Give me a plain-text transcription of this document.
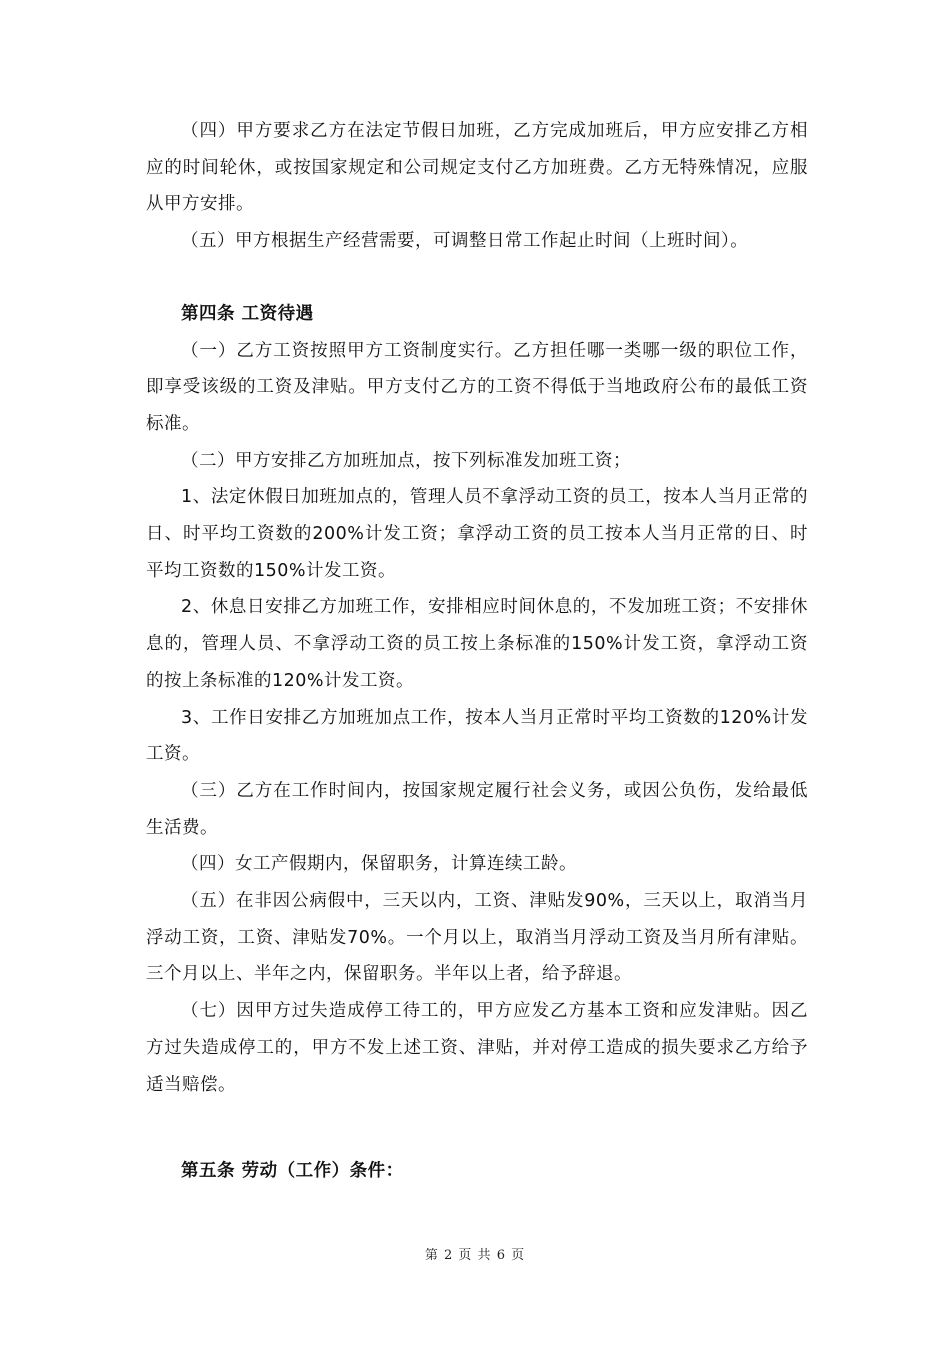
（四）甲方要求乙方在法定节假日加班，乙方完成加班后，甲方应安排乙方相应的时间轮休，或按国家规定和公司规定支付乙方加班费。乙方无特殊情况，应服从甲方安排。

（五）甲方根据生产经营需要，可调整日常工作起止时间（上班时间）。

第四条 工资待遇

（一）乙方工资按照甲方工资制度实行。乙方担任哪一类哪一级的职位工作，即享受该级的工资及津贴。甲方支付乙方的工资不得低于当地政府公布的最低工资标准。

（二）甲方安排乙方加班加点，按下列标准发加班工资；

1、法定休假日加班加点的，管理人员不拿浮动工资的员工，按本人当月正常的日、时平均工资数的200%计发工资；拿浮动工资的员工按本人当月正常的日、时平均工资数的150%计发工资。

2、休息日安排乙方加班工作，安排相应时间休息的，不发加班工资；不安排休息的，管理人员、不拿浮动工资的员工按上条标准的150%计发工资，拿浮动工资的按上条标准的120%计发工资。

3、工作日安排乙方加班加点工作，按本人当月正常时平均工资数的120%计发工资。

（三）乙方在工作时间内，按国家规定履行社会义务，或因公负伤，发给最低生活费。

（四）女工产假期内，保留职务，计算连续工龄。

（五）在非因公病假中，三天以内，工资、津贴发90%，三天以上，取消当月浮动工资，工资、津贴发70%。一个月以上，取消当月浮动工资及当月所有津贴。三个月以上、半年之内，保留职务。半年以上者，给予辞退。

（七）因甲方过失造成停工待工的，甲方应发乙方基本工资和应发津贴。因乙方过失造成停工的，甲方不发上述工资、津贴，并对停工造成的损失要求乙方给予适当赔偿。

第五条 劳动（工作）条件：

第 2 页 共 6 页
